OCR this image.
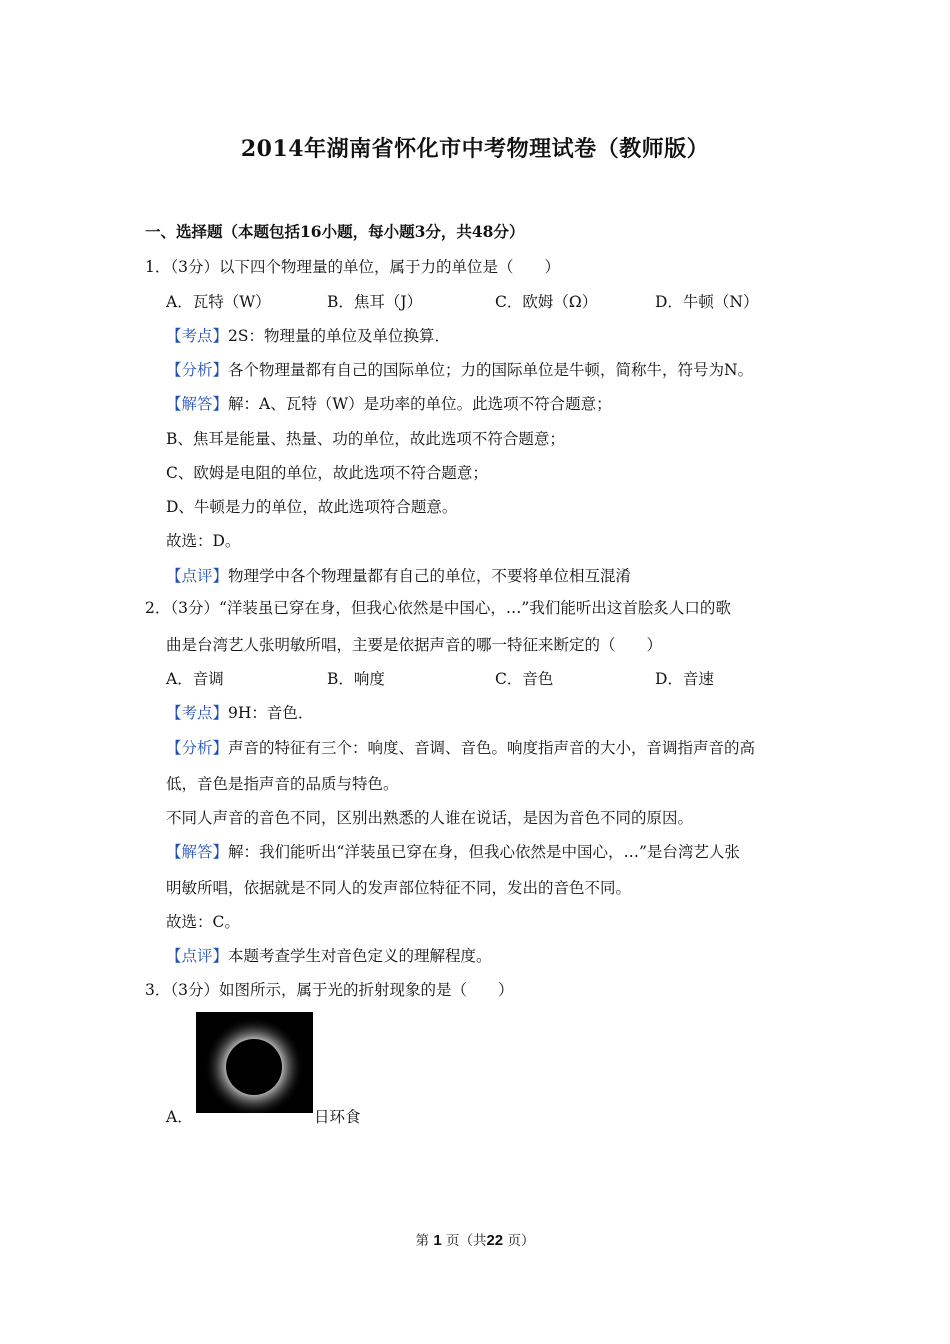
2014年湖南省怀化市中考物理试卷（教师版）
一、选择题（本题包括16小题，每小题3分，共48分）
1．（3分）以下四个物理量的单位，属于力的单位是（　　）
A．瓦特（W）	B．焦耳（J）	C．欧姆（Ω）	D．牛顿（N）
【考点】2S：物理量的单位及单位换算．
【分析】各个物理量都有自己的国际单位；力的国际单位是牛顿，简称牛，符号为N。
【解答】解：A、瓦特（W）是功率的单位。此选项不符合题意；
B、焦耳是能量、热量、功的单位，故此选项不符合题意；
C、欧姆是电阻的单位，故此选项不符合题意；
D、牛顿是力的单位，故此选项符合题意。
故选：D。
【点评】物理学中各个物理量都有自己的单位，不要将单位相互混淆
2．（3分）“洋装虽已穿在身，但我心依然是中国心，…”我们能听出这首脍炙人口的歌
曲是台湾艺人张明敏所唱，主要是依据声音的哪一特征来断定的（　　）
A．音调	B．响度	C．音色	D．音速
【考点】9H：音色．
【分析】声音的特征有三个：响度、音调、音色。响度指声音的大小，音调指声音的高
低，音色是指声音的品质与特色。
不同人声音的音色不同，区别出熟悉的人谁在说话，是因为音色不同的原因。
【解答】解：我们能听出“洋装虽已穿在身，但我心依然是中国心，…”是台湾艺人张
明敏所唱，依据就是不同人的发声部位特征不同，发出的音色不同。
故选：C。
【点评】本题考查学生对音色定义的理解程度。
3．（3分）如图所示，属于光的折射现象的是（　　）
A．	日环食
第 1 页（共22 页）
